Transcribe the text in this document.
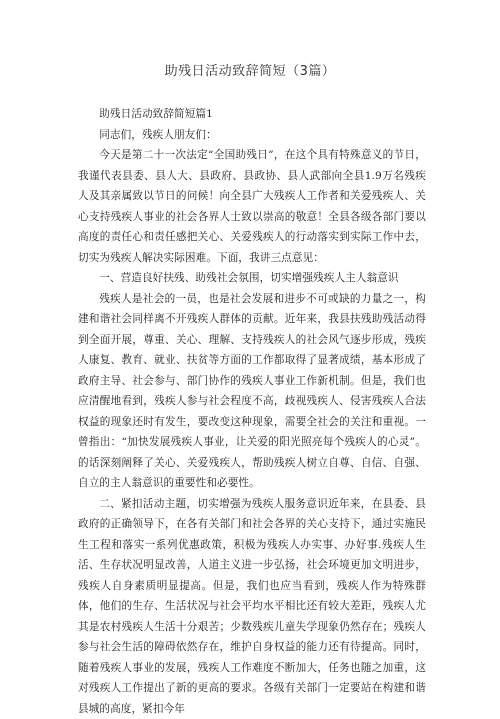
助残日活动致辞简短（3篇）

助残日活动致辞简短篇1

同志们，残疾人朋友们：

今天是第二十一次法定“全国助残日”，在这个具有特殊意义的节日，我谨代表县委、县人大、县政府、县政协、县人武部向全县1.9万名残疾人及其亲属致以节日的问候！向全县广大残疾人工作者和关爱残疾人、关心支持残疾人事业的社会各界人士致以崇高的敬意！全县各级各部门要以高度的责任心和责任感把关心、关爱残疾人的行动落实到实际工作中去，切实为残疾人解决实际困难。下面，我讲三点意见：

一、营造良好扶残、助残社会氛围，切实增强残疾人主人翁意识

残疾人是社会的一员，也是社会发展和进步不可或缺的力量之一，构建和谐社会同样离不开残疾人群体的贡献。近年来，我县扶残助残活动得到全面开展，尊重、关心、理解、支持残疾人的社会风气逐步形成，残疾人康复、教育、就业、扶贫等方面的工作都取得了显著成绩，基本形成了政府主导、社会参与、部门协作的残疾人事业工作新机制。但是，我们也应清醒地看到，残疾人参与社会程度不高，歧视残疾人、侵害残疾人合法权益的现象还时有发生，要改变这种现象，需要全社会的关注和重视。一曾指出：“加快发展残疾人事业，让关爱的阳光照亮每个残疾人的心灵”。的话深刻阐释了关心、关爱残疾人，帮助残疾人树立自尊、自信、自强、自立的主人翁意识的重要性和必要性。

二、紧扣活动主题，切实增强为残疾人服务意识近年来，在县委、县政府的正确领导下，在各有关部门和社会各界的关心支持下，通过实施民生工程和落实一系列优惠政策，积极为残疾人办实事、办好事.残疾人生活、生存状况明显改善，人道主义进一步弘扬，社会环境更加文明进步，残疾人自身素质明显提高。但是，我们也应当看到，残疾人作为特殊群体，他们的生存、生活状况与社会平均水平相比还有较大差距，残疾人尤其是农村残疾人生活十分艰苦；少数残疾儿童失学现象仍然存在；残疾人参与社会生活的障碍依然存在，维护自身权益的能力还有待提高。同时，随着残疾人事业的发展，残疾人工作难度不断加大，任务也随之加重，这对残疾人工作提出了新的更高的要求。各级有关部门一定要站在构建和谐县城的高度，紧扣今年
